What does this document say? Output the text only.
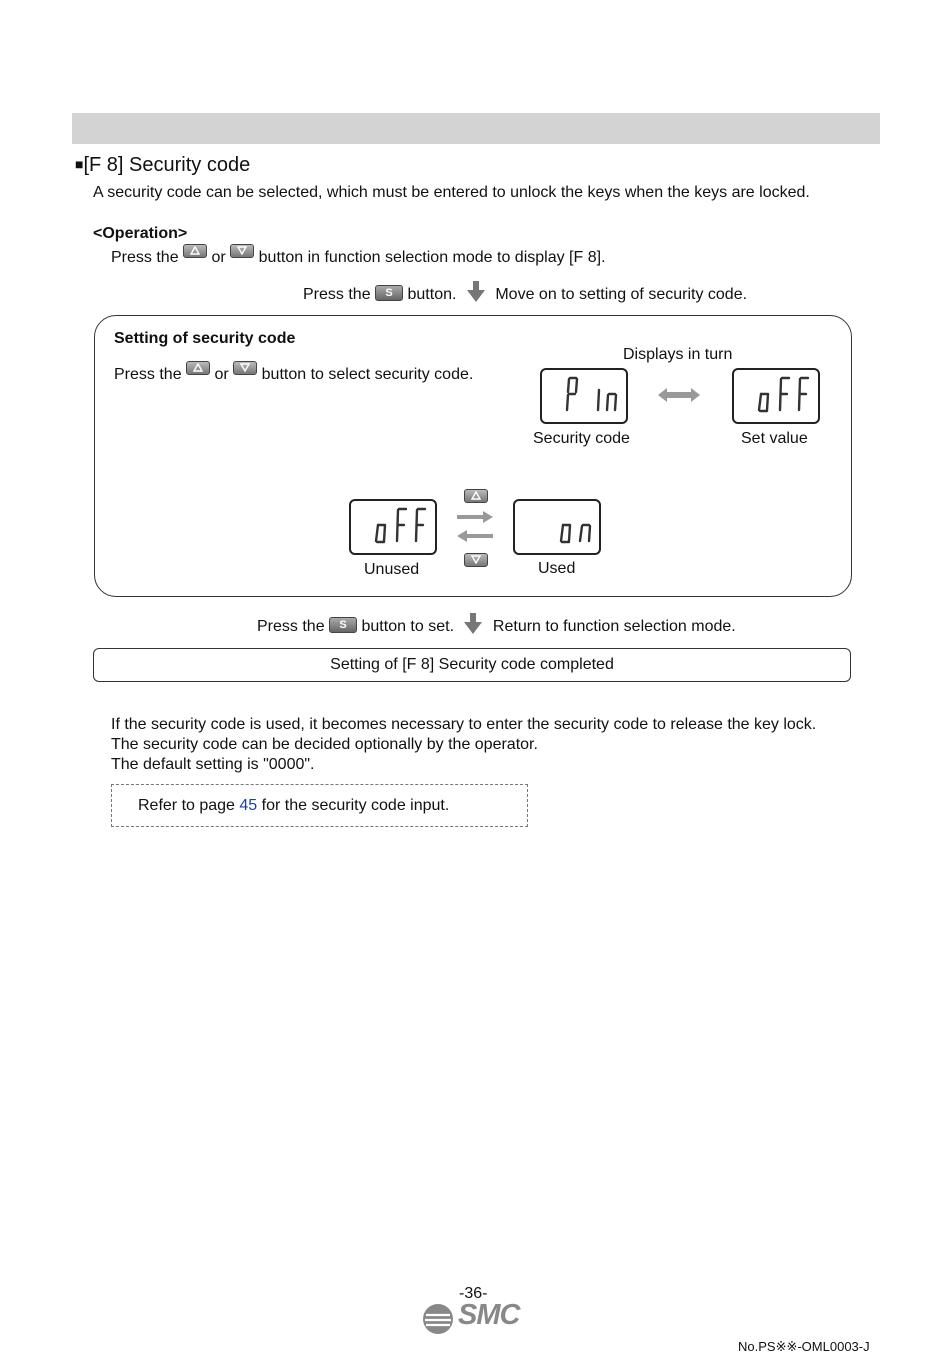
■[F 8] Security code
A security code can be selected, which must be entered to unlock the keys when the keys are locked.
<Operation>
Press the or button in function selection mode to display [F 8].
Press the S button. Move on to setting of security code.
Setting of security code
Press the or button to select security code.
Displays in turn
Security code	Set value
Unused	Used
Press the S button to set. Return to function selection mode.
Setting of [F 8] Security code completed
If the security code is used, it becomes necessary to enter the security code to release the key lock.
The security code can be decided optionally by the operator.
The default setting is "0000".
Refer to page 45 for the security code input.
-36-
SMC
No.PS※※-OML0003-J
